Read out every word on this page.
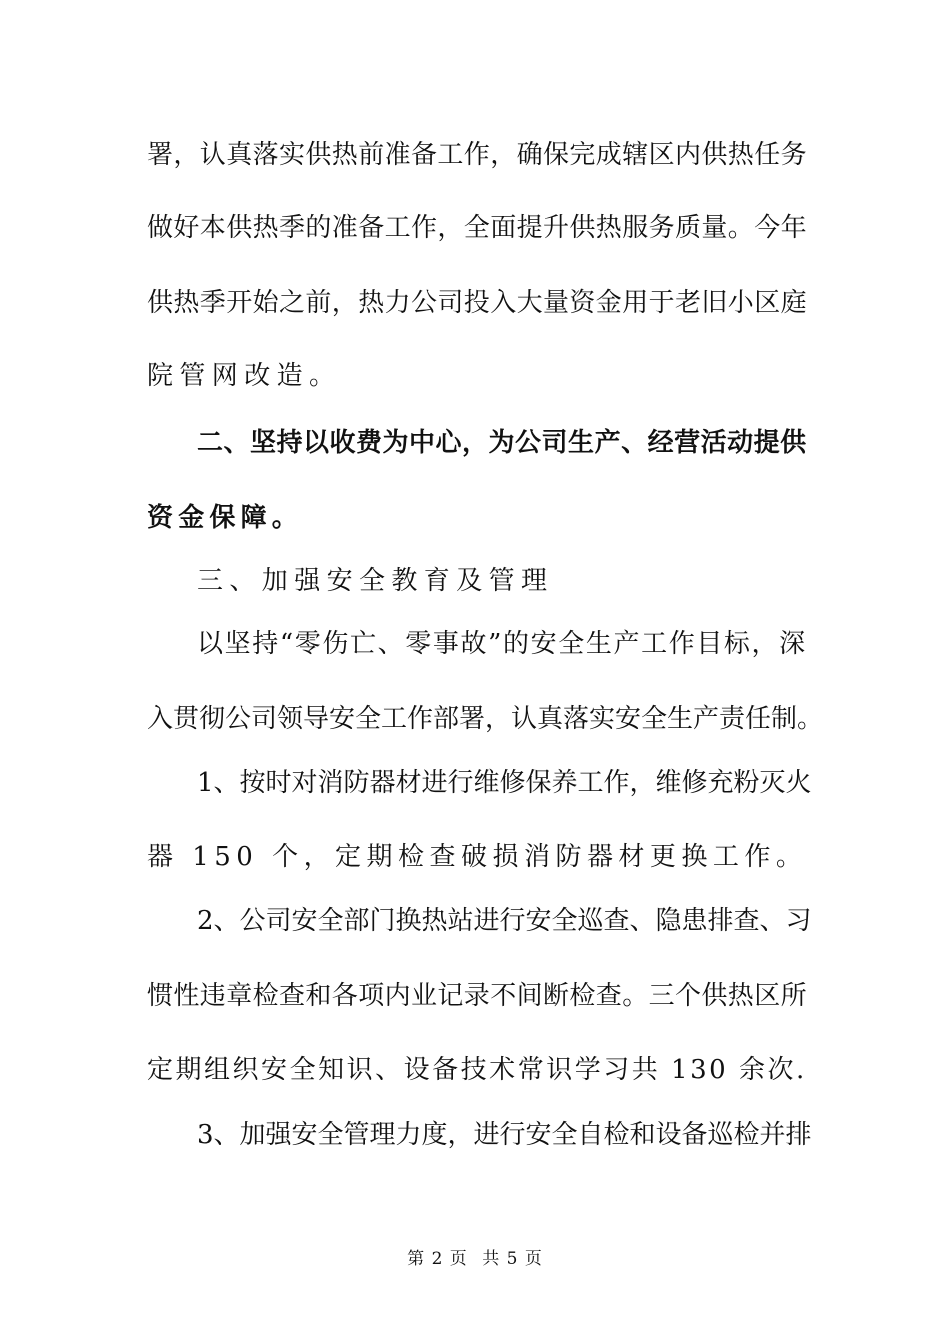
署，认真落实供热前准备工作，确保完成辖区内供热任务
做好本供热季的准备工作，全面提升供热服务质量。今年
供热季开始之前，热力公司投入大量资金用于老旧小区庭
院管网改造。
二、坚持以收费为中心，为公司生产、经营活动提供
资金保障。
三、加强安全教育及管理
以坚持“零伤亡、零事故”的安全生产工作目标，深
入贯彻公司领导安全工作部署，认真落实安全生产责任制。
1、按时对消防器材进行维修保养工作，维修充粉灭火
器 150 个，定期检查破损消防器材更换工作。
2、公司安全部门换热站进行安全巡查、隐患排查、习
惯性违章检查和各项内业记录不间断检查。三个供热区所
定期组织安全知识、设备技术常识学习共 130 余次.
3、加强安全管理力度，进行安全自检和设备巡检并排
第 2 页 共 5 页
